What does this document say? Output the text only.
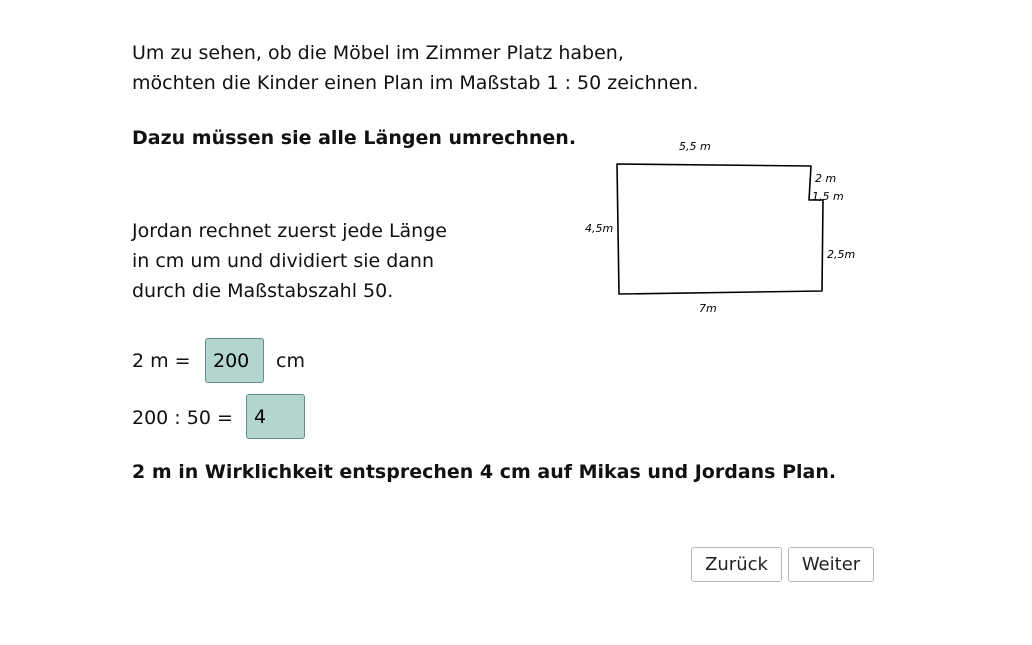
Um zu sehen, ob die Möbel im Zimmer Platz haben,
möchten die Kinder einen Plan im Maßstab 1 : 50 zeichnen.
Dazu müssen sie alle Längen umrechnen.
Jordan rechnet zuerst jede Länge
in cm um und dividiert sie dann
durch die Maßstabszahl 50.
5,5 m
2 m
1,5 m
4,5m
2,5m
7m
2 m =	200	cm
200 : 50 =	4
2 m in Wirklichkeit entsprechen 4 cm auf Mikas und Jordans Plan.
Zurück	Weiter
